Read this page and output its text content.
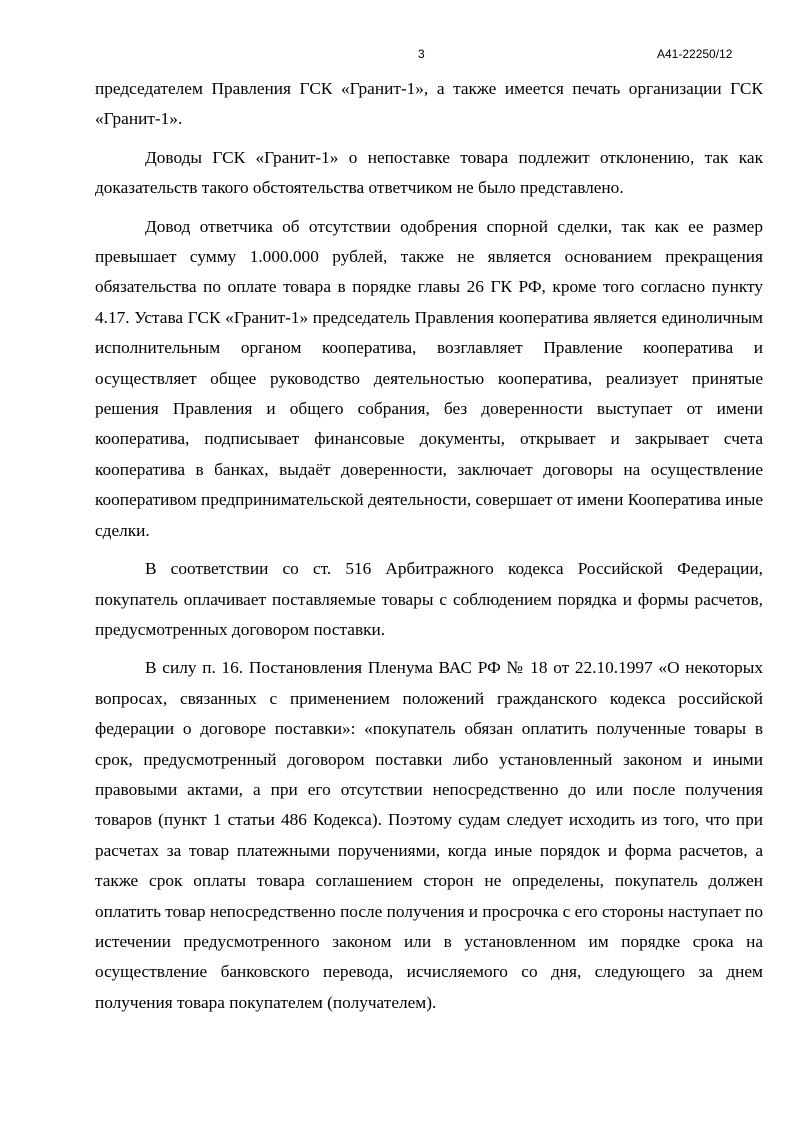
3	А41-22250/12

председателем Правления ГСК «Гранит-1», а также имеется печать организации ГСК «Гранит-1».

Доводы ГСК «Гранит-1» о непоставке товара подлежит отклонению, так как доказательств такого обстоятельства ответчиком не было представлено.

Довод ответчика об отсутствии одобрения спорной сделки, так как ее размер превышает сумму 1.000.000 рублей, также не является основанием прекращения обязательства по оплате товара в порядке главы 26 ГК РФ, кроме того согласно пункту 4.17. Устава ГСК «Гранит-1» председатель Правления кооператива является единоличным исполнительным органом кооператива, возглавляет Правление кооператива и осуществляет общее руководство деятельностью кооператива, реализует принятые решения Правления и общего собрания, без доверенности выступает от имени кооператива, подписывает финансовые документы, открывает и закрывает счета кооператива в банках, выдаёт доверенности, заключает договоры на осуществление кооперативом предпринимательской деятельности, совершает от имени Кооператива иные сделки.

В соответствии со ст. 516 Арбитражного кодекса Российской Федерации, покупатель оплачивает поставляемые товары с соблюдением порядка и формы расчетов, предусмотренных договором поставки.

В силу п. 16. Постановления Пленума ВАС РФ № 18 от 22.10.1997 «О некоторых вопросах, связанных с применением положений гражданского кодекса российской федерации о договоре поставки»: «покупатель обязан оплатить полученные товары в срок, предусмотренный договором поставки либо установленный законом и иными правовыми актами, а при его отсутствии непосредственно до или после получения товаров (пункт 1 статьи 486 Кодекса). Поэтому судам следует исходить из того, что при расчетах за товар платежными поручениями, когда иные порядок и форма расчетов, а также срок оплаты товара соглашением сторон не определены, покупатель должен оплатить товар непосредственно после получения и просрочка с его стороны наступает по истечении предусмотренного законом или в установленном им порядке срока на осуществление банковского перевода, исчисляемого со дня, следующего за днем получения товара покупателем (получателем).
